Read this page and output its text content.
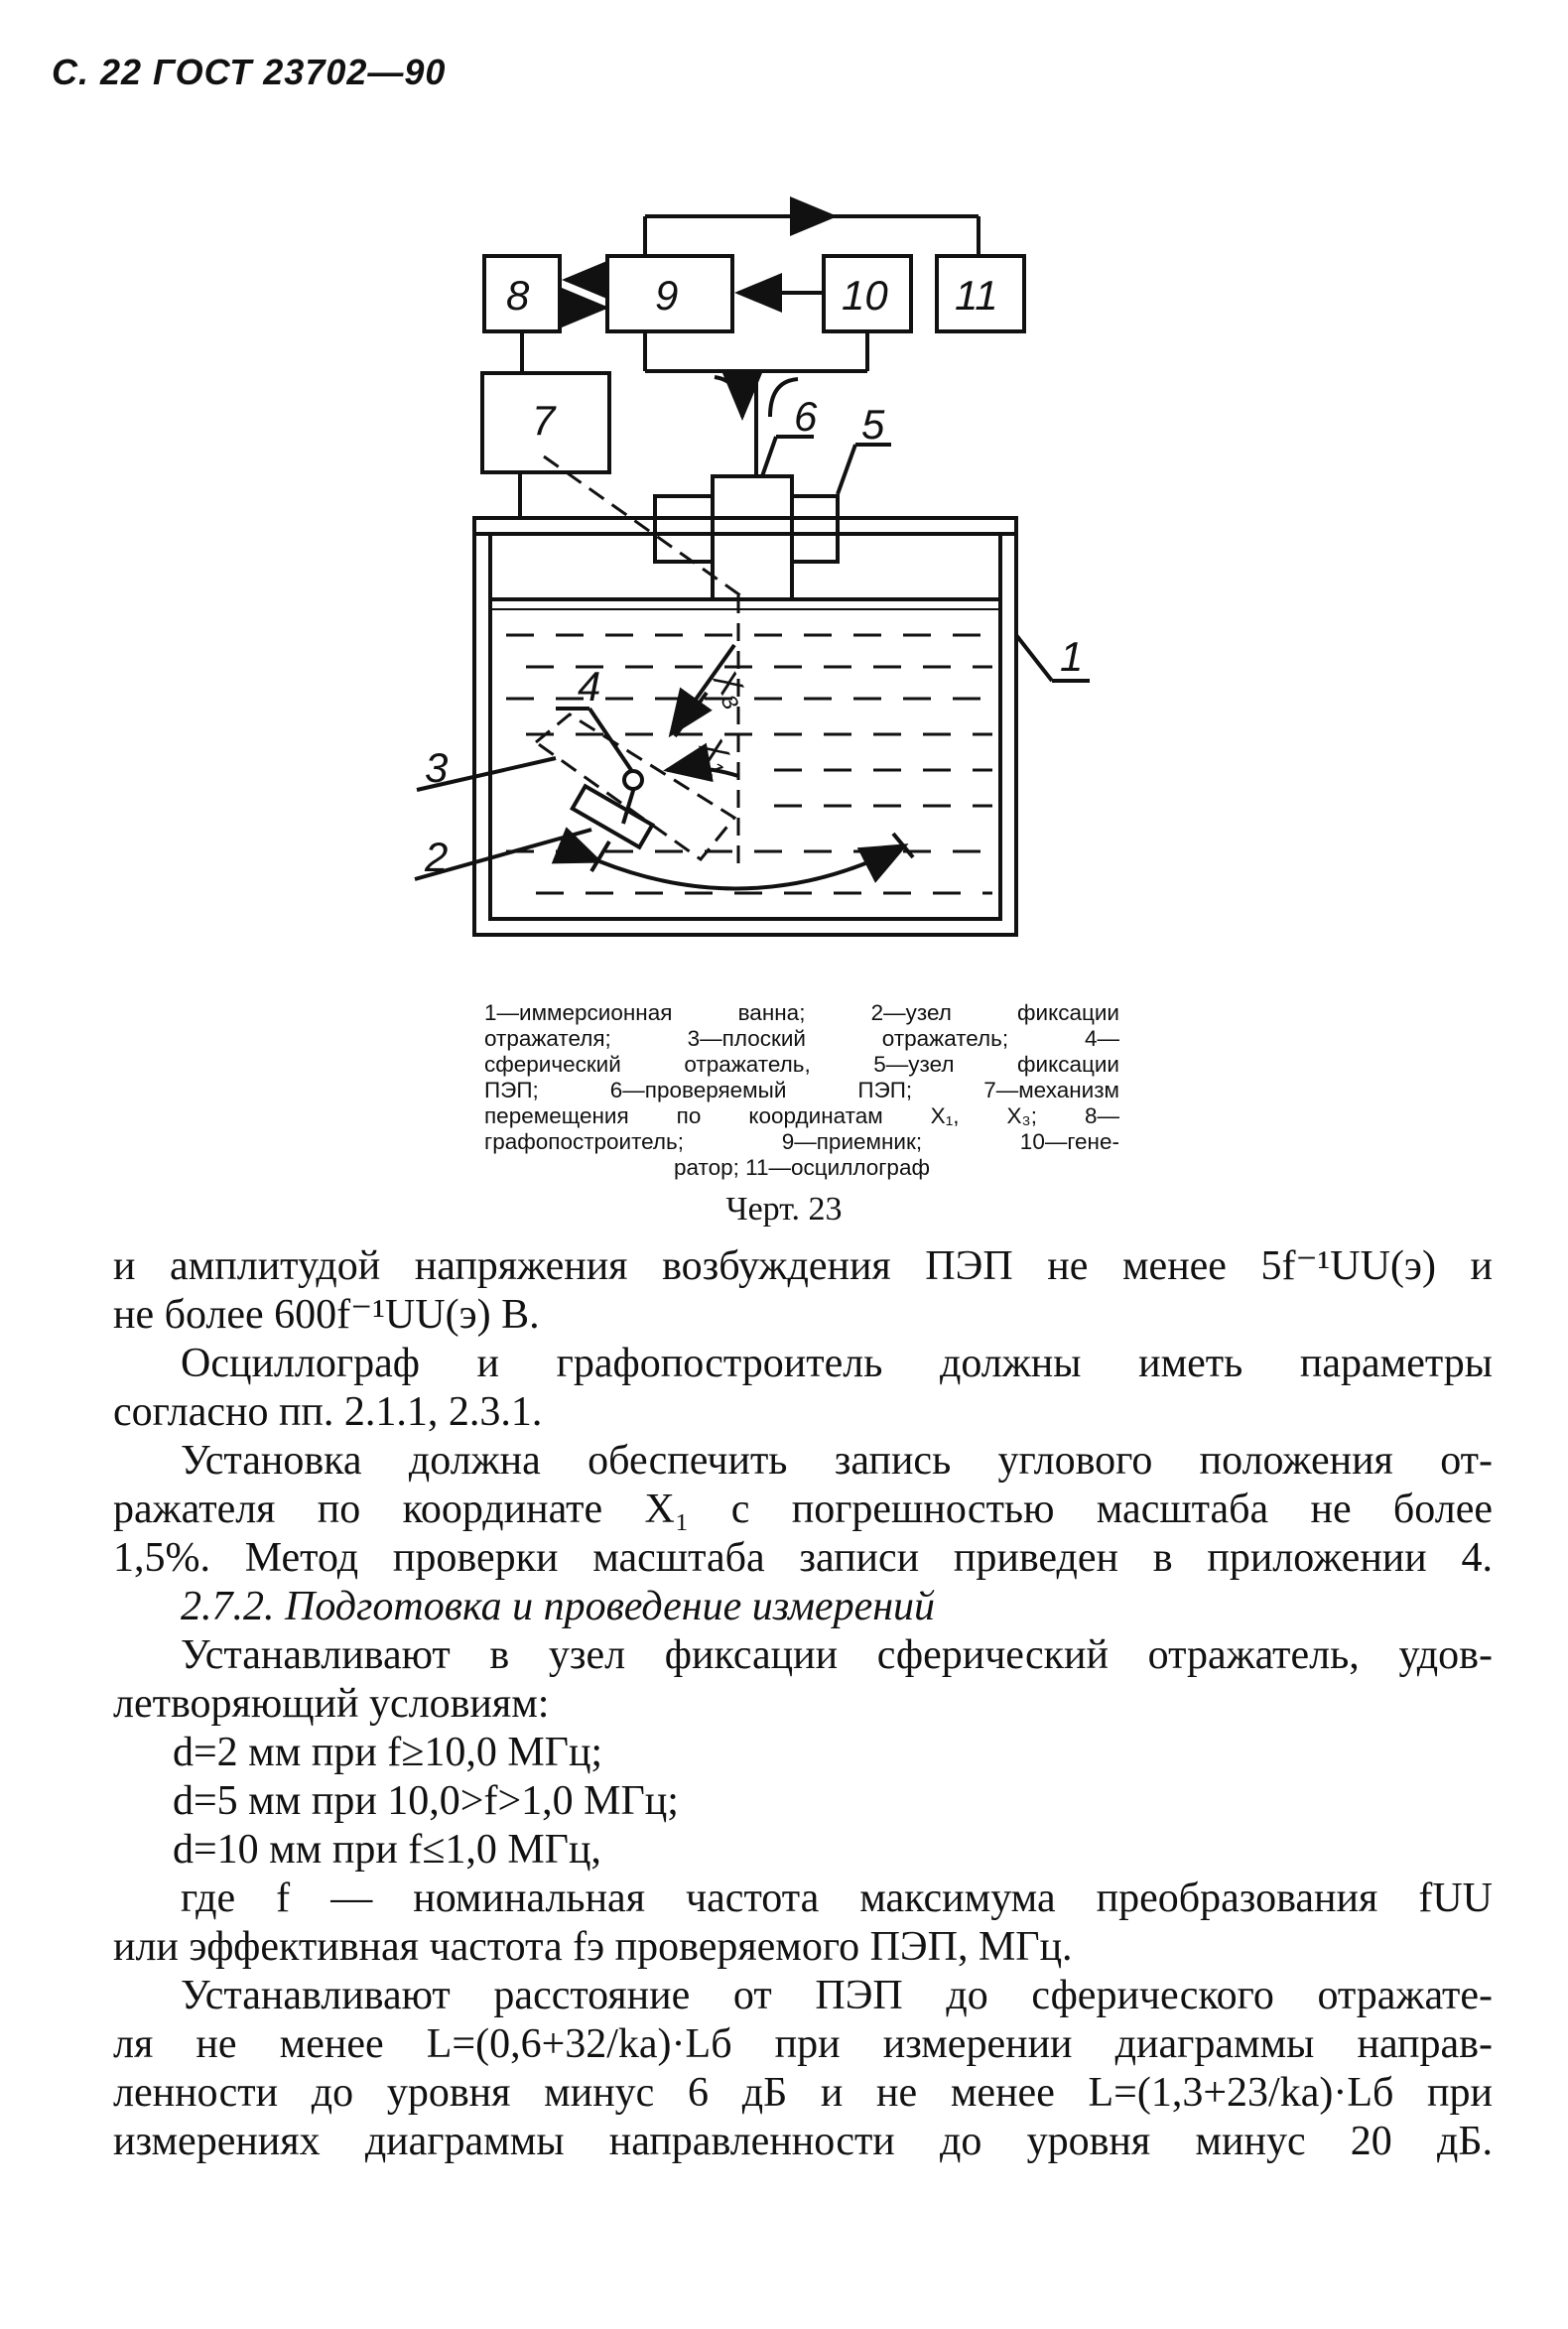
С. 22 ГОСТ 23702—90
8	9	10 11
7	6 5
1
4
3
2
X₃
X₁
1—иммерсионная ванна; 2—узел фиксации
отражателя; 3—плоский отражатель; 4—
сферический отражатель, 5—узел фиксации
ПЭП; 6—проверяемый ПЭП; 7—механизм
перемещения по координатам X₁, X₃; 8—
графопостроитель; 9—приемник; 10—гене-
ратор; 11—осциллограф
Черт. 23
и амплитудой напряжения возбуждения ПЭП не менее 5f⁻¹UU(э) и
не более 600f⁻¹UU(э) В.
Осциллограф и графопостроитель должны иметь параметры
согласно пп. 2.1.1, 2.3.1.
Установка должна обеспечить запись углового положения от-
ражателя по координате X₁ с погрешностью масштаба не более
1,5%. Метод проверки масштаба записи приведен в приложении 4.
2.7.2. Подготовка и проведение измерений
Устанавливают в узел фиксации сферический отражатель, удов-
летворяющий условиям:
d=2 мм при f≥10,0 МГц;
d=5 мм при 10,0>f>1,0 МГц;
d=10 мм при f≤1,0 МГц,
где f — номинальная частота максимума преобразования fUU
или эффективная частота fэ проверяемого ПЭП, МГц.
Устанавливают расстояние от ПЭП до сферического отражате-
ля не менее L=(0,6+32/ka)·Lб при измерении диаграммы направ-
ленности до уровня минус 6 дБ и не менее L=(1,3+23/ka)·Lб при
измерениях диаграммы направленности до уровня минус 20 дБ.
